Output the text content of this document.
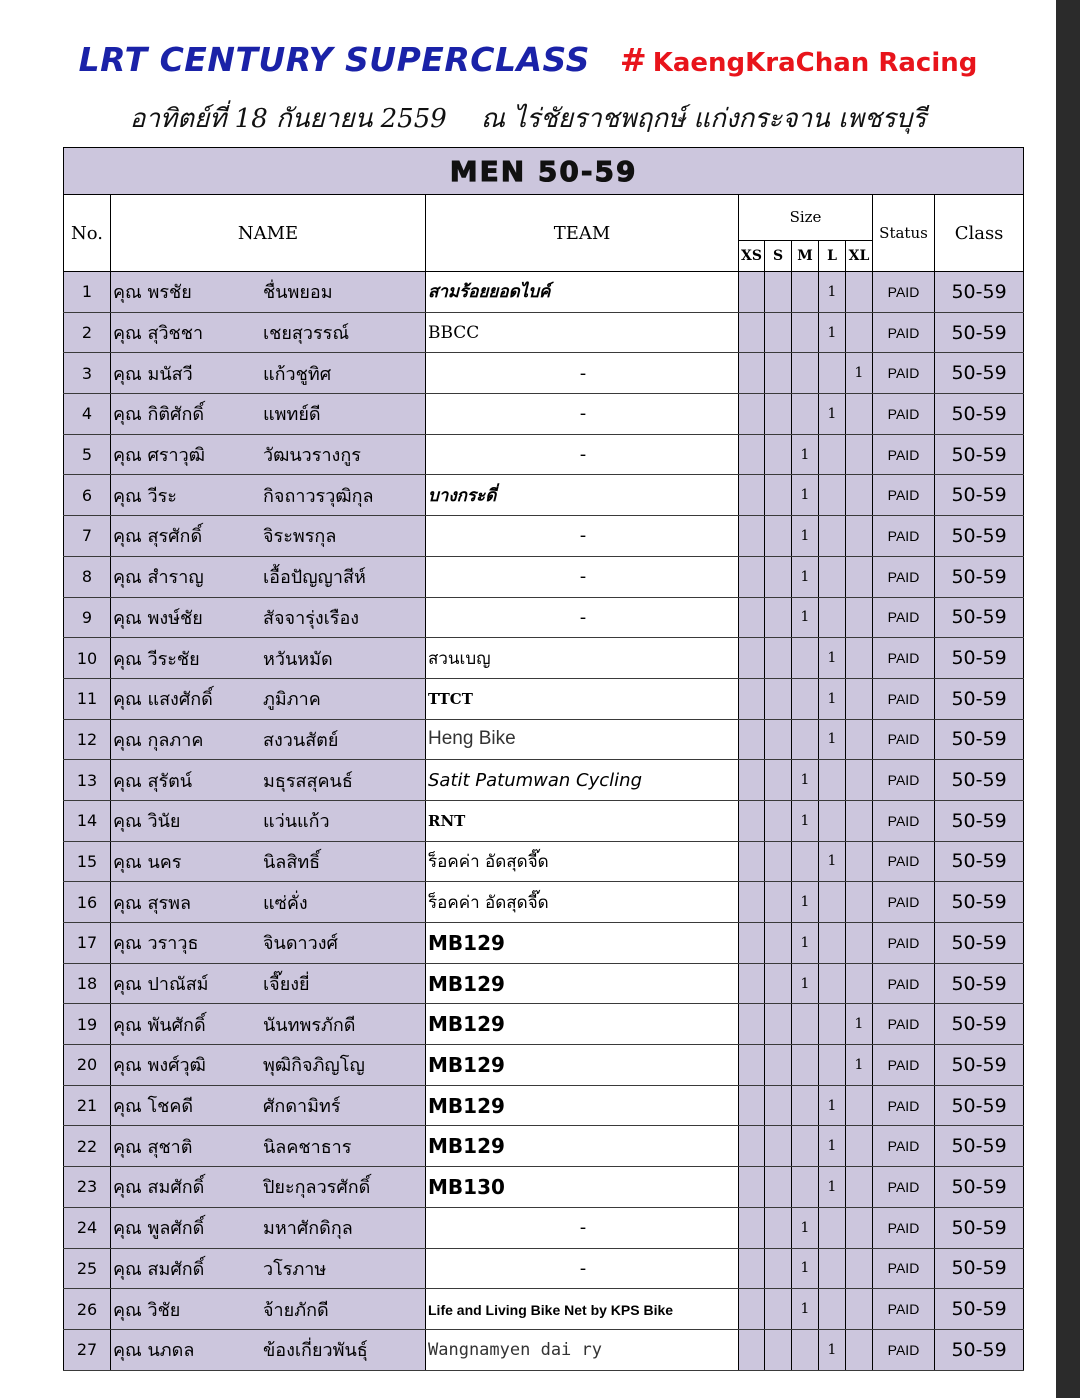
LRT CENTURY SUPERCLASS # KaengKraChan Racing
อาทิตย์ที่ 18 กันยายน 2559 ณ ไร่ชัยราชพฤกษ์ แก่งกระจาน เพชรบุรี
MEN 50-59									
No.	NAME	TEAM	Size					Status	Class
			XS	S	M	L	XL		
1	คุณ พรชัย ชื่นพยอม	สามร้อยยอดไบค์				1		PAID	50-59
2	คุณ สุวิชชา เชยสุวรรณ์	BBCC				1		PAID	50-59
3	คุณ มนัสวี แก้วชูทิศ	-					1	PAID	50-59
4	คุณ กิติศักดิ์ แพทย์ดี	-				1		PAID	50-59
5	คุณ ศราวุฒิ วัฒนวรางกูร	-			1			PAID	50-59
6	คุณ วีระ กิจถาวรวุฒิกุล	บางกระดี่			1			PAID	50-59
7	คุณ สุรศักดิ์ จิระพรกุล	-			1			PAID	50-59
8	คุณ สำราญ เอื้อปัญญาสีห์	-			1			PAID	50-59
9	คุณ พงษ์ชัย สัจจารุ่งเรือง	-			1			PAID	50-59
10	คุณ วีระชัย หวันหมัด	สวนเบญ				1		PAID	50-59
11	คุณ แสงศักดิ์ ภูมิภาค	TTCT				1		PAID	50-59
12	คุณ กุลภาค สงวนสัตย์	Heng Bike				1		PAID	50-59
13	คุณ สุรัตน์ มธุรสสุคนธ์	Satit Patumwan Cycling			1			PAID	50-59
14	คุณ วินัย แว่นแก้ว	RNT			1			PAID	50-59
15	คุณ นคร นิลสิทธิ์	ร็อคค่า อัดสุดจี๊ด				1		PAID	50-59
16	คุณ สุรพล แซ่คั่ง	ร็อคค่า อัดสุดจี๊ด			1			PAID	50-59
17	คุณ วราวุธ จินดาวงศ์	MB129			1			PAID	50-59
18	คุณ ปาณัสม์ เจี๊ยงยี่	MB129			1			PAID	50-59
19	คุณ พันศักดิ์ นันทพรภักดี	MB129					1	PAID	50-59
20	คุณ พงศ์วุฒิ พุฒิกิจภิญโญ	MB129					1	PAID	50-59
21	คุณ โชคดี ศักดามิทร์	MB129				1		PAID	50-59
22	คุณ สุชาติ นิลคชาธาร	MB129				1		PAID	50-59
23	คุณ สมศักดิ์ ปิยะกุลวรศักดิ์	MB130				1		PAID	50-59
24	คุณ พูลศักดิ์ มหาศักดิกุล	-			1			PAID	50-59
25	คุณ สมศักดิ์ วโรภาษ	-			1			PAID	50-59
26	คุณ วิชัย จ้ายภักดี	Life and Living Bike Net by KPS Bike			1			PAID	50-59
27	คุณ นภดล ข้องเกี่ยวพันธุ์	Wangnamyen dai ry				1		PAID	50-59
